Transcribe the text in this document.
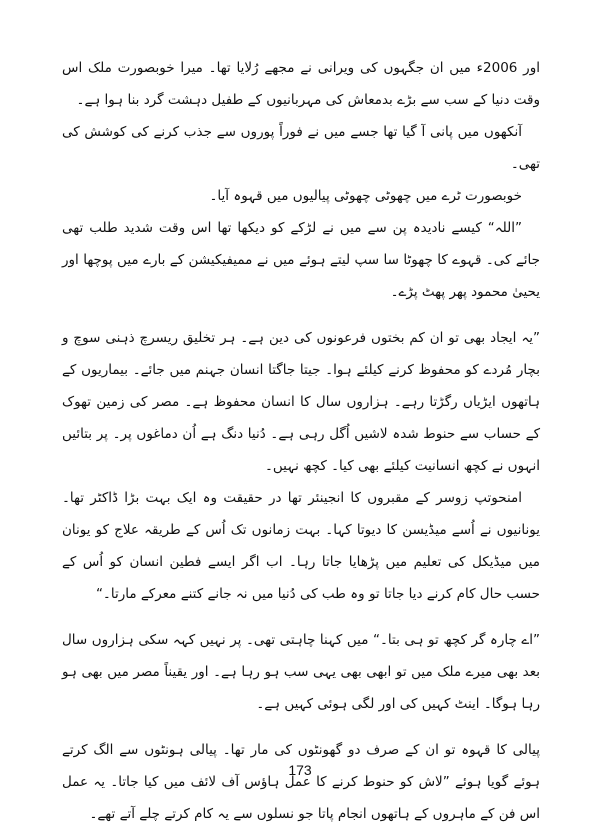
اور 2006ء میں ان جگہوں کی ویرانی نے مجھے رُلایا تھا۔ میرا خوبصورت ملک اس وقت دنیا کے سب سے بڑے بدمعاش کی مہربانیوں کے طفیل دہشت گرد بنا ہوا ہے۔

آنکھوں میں پانی آ گیا تھا جسے میں نے فوراً پوروں سے جذب کرنے کی کوشش کی تھی۔

خوبصورت ٹرے میں چھوٹی چھوٹی پیالیوں میں قہوہ آیا۔

”اللہ“ کیسے نادیدہ پن سے میں نے لڑکے کو دیکھا تھا اس وقت شدید طلب تھی جائے کی۔ قہوے کا چھوٹا سا سپ لیتے ہوئے میں نے ممیفیکیشن کے بارے میں پوچھا اور یحییٰ محمود پھر پھٹ پڑے۔

”یہ ایجاد بھی تو ان کم بختوں فرعونوں کی دین ہے۔ ہر تخلیق ریسرچ ذہنی سوچ و بچار مُردے کو محفوظ کرنے کیلئے ہوا۔ جیتا جاگتا انسان جہنم میں جائے۔ بیماریوں کے ہاتھوں ایڑیاں رگڑتا رہے۔ ہزاروں سال کا انسان محفوظ ہے۔ مصر کی زمین تھوک کے حساب سے حنوط شدہ لاشیں اُگل رہی ہے۔ دُنیا دنگ ہے اُن دماغوں پر۔ پر بتائیں انہوں نے کچھ انسانیت کیلئے بھی کیا۔ کچھ نہیں۔

امنحوتپ زوسر کے مقبروں کا انجینئر تھا در حقیقت وہ ایک بہت بڑا ڈاکٹر تھا۔ یونانیوں نے اُسے میڈیسن کا دیوتا کہا۔ بہت زمانوں تک اُس کے طریقہ علاج کو یونان میں میڈیکل کی تعلیم میں پڑھایا جاتا رہا۔ اب اگر ایسے فطین انسان کو اُس کے حسب حال کام کرنے دیا جاتا تو وہ طب کی دُنیا میں نہ جانے کتنے معرکے مارتا۔“

”اے چارہ گر کچھ تو ہی بتا۔“ میں کہنا چاہتی تھی۔ پر نہیں کہہ سکی ہزاروں سال بعد بھی میرے ملک میں تو ابھی بھی یہی سب ہو رہا ہے۔ اور یقیناً مصر میں بھی ہو رہا ہوگا۔ اینٹ کہیں کی اور لگی ہوئی کہیں ہے۔

پیالی کا قہوہ تو ان کے صرف دو گھونٹوں کی مار تھا۔ پیالی ہونٹوں سے الگ کرتے ہوئے گویا ہوئے ”لاش کو حنوط کرنے کا عمل ہاؤس آف لائف میں کیا جاتا۔ یہ عمل اس فن کے ماہروں کے ہاتھوں انجام پاتا جو نسلوں سے یہ کام کرتے چلے آتے تھے۔

173
